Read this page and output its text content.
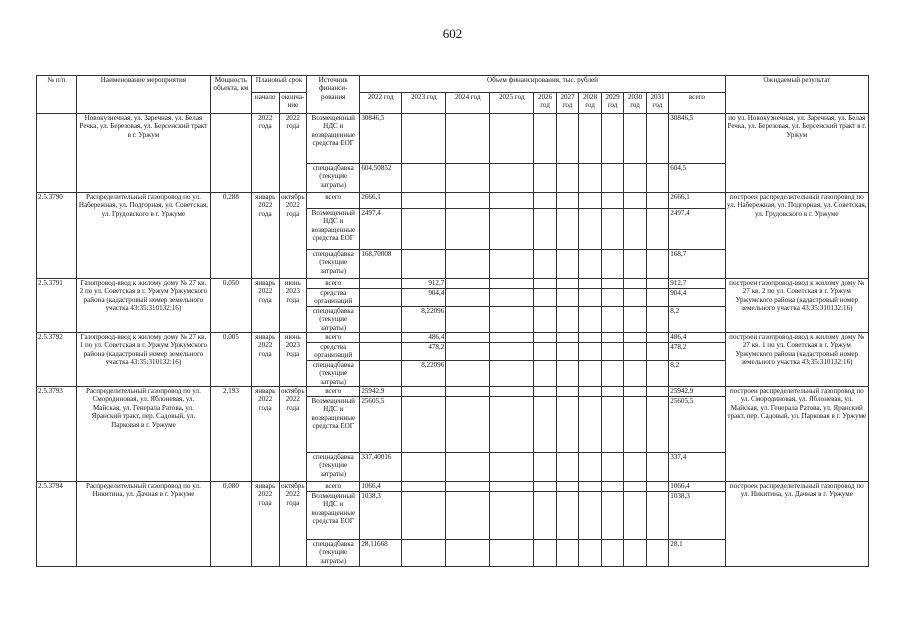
602
№ п/п	Наименование мероприятия	Мощность объекта, км	Плановый срок		Источник финанси-рования	Объем финансирования, тыс. рублей											Ожидаемый результат
			начало	оконча-ние		2022 год	2023 год	2024 год	2025 год	2026 год	2027 год	2028 год	2029 год	2030 год	2031 год	всего	
	Новокузнечная, ул. Заречная, ул. Белая Речка, ул. Березовая, ул. Берсенский тракт в г. Уржум		2022 года	2022 года	Возмещенный НДС и возвращенные средства ЕОГ	30846,5										30846,5	по ул. Новокузнечная, ул. Заречная, ул. Белая Речка, ул. Березовая, ул. Берсенский тракт в г. Уржум
					спецнадбавка (текущие затраты)	604,50852										604,5	
2.5.3790	Распределительный газопровод по ул. Набережная, ул. Подгорная, ул. Советская, ул. Грудовского в г. Уржуме	0,288	январь 2022 года	октябрь 2022 года	всего	2666,1										2666,1	построен распределительный газопровод по ул. Набережная, ул. Подгорная, ул. Советская, ул. Грудовского в г. Уржуме
					Возмещенный НДС и возвращенные средства ЕОГ	2497,4										2497,4	
					спецнадбавка (текущие затраты)	168,70008										168,7	
2.5.3791	Газопровод-ввод к жилому дому № 27 кв. 2 по ул. Советская в г. Уржум Уржумского района (кадастровый номер земельного участка 43:35:310132:16)	0,050	январь 2022 года	июнь 2023 года	всего		912,7									912,7	построен газопровод-ввод к жилому дому № 27 кв. 2 по ул. Советская в г. Уржум Уржумского района (кадастровый номер земельного участка 43:35:310132:16)
					средства организаций		904,4									904,4	
					спецнадбавка (текущие затраты)		8,22096									8,2	
2.5.3792	Газопровод-ввод к жилому дому № 27 кв. 1 по ул. Советская в г. Уржум Уржумского района (кадастровый номер земельного участка 43:35:310132:16)	0,005	январь 2022 года	июнь 2023 года	всего		486,4									486,4	построен газопровод-ввод к жилому дому № 27 кв. 1 по ул. Советская в г. Уржум Уржумского района (кадастровый номер земельного участка 43:35:310132:16)
					средства организаций		478,2									478,2	
					спецнадбавка (текущие затраты)		8,22096									8,2	
2.5.3793	Распределительный газопровод по ул. Смородиновая, ул. Яблоневая, ул. Майская, ул. Генерала Ратова, ул. Яранский тракт, пер. Садовый, ул. Парковая в г. Уржуме	2,193	январь 2022 года	октябрь 2022 года	всего	25942,9										25942,9	построен распределительный газопровод по ул. Смородиновая, ул. Яблоневая, ул. Майская, ул. Генерала Ратова, ул. Яранский тракт, пер. Садовый, ул. Парковая в г. Уржуме
					Возмещенный НДС и возвращенные средства ЕОГ	25605,5										25605,5	
					спецнадбавка (текущие затраты)	337,40016										337,4	
2.5.3794	Распределительный газопровод по ул. Никитина, ул. Дачная в г. Уржуме	0,080	январь 2022 года	октябрь 2022 года	всего	1066,4										1066,4	построен распределительный газопровод по ул. Никитина, ул. Дачная в г. Уржуме
					Возмещенный НДС и возвращенные средства ЕОГ	1038,3										1038,3	
					спецнадбавка (текущие затраты)	28,11668										28,1	
